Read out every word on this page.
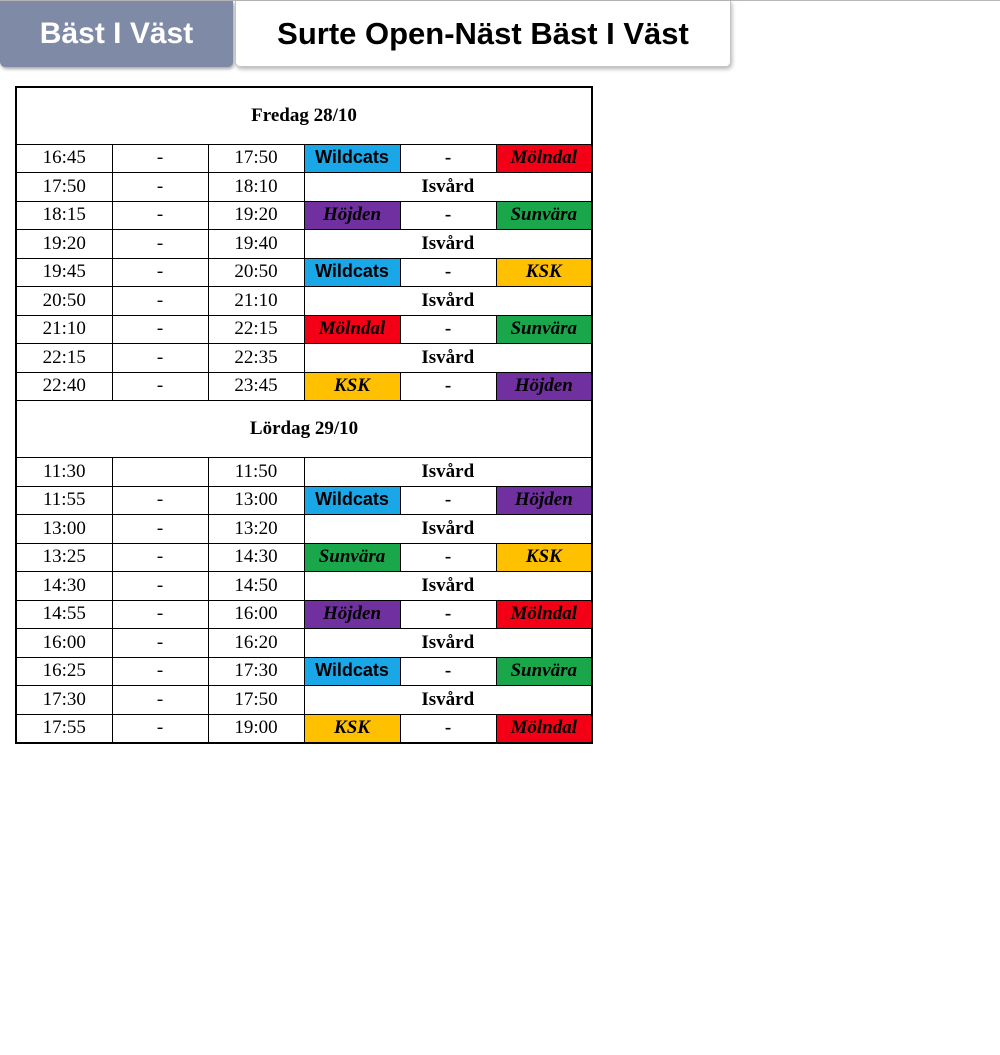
Bäst I Väst	Surte Open-Näst Bäst I Väst
Fredag 28/10					
16:45	-	17:50	Wildcats	-	Mölndal
17:50	-	18:10	Isvård		
18:15	-	19:20	Höjden	-	Sunvära
19:20	-	19:40	Isvård		
19:45	-	20:50	Wildcats	-	KSK
20:50	-	21:10	Isvård		
21:10	-	22:15	Mölndal	-	Sunvära
22:15	-	22:35	Isvård		
22:40	-	23:45	KSK	-	Höjden
Lördag 29/10					
11:30		11:50	Isvård		
11:55	-	13:00	Wildcats	-	Höjden
13:00	-	13:20	Isvård		
13:25	-	14:30	Sunvära	-	KSK
14:30	-	14:50	Isvård		
14:55	-	16:00	Höjden	-	Mölndal
16:00	-	16:20	Isvård		
16:25	-	17:30	Wildcats	-	Sunvära
17:30	-	17:50	Isvård		
17:55	-	19:00	KSK	-	Mölndal
